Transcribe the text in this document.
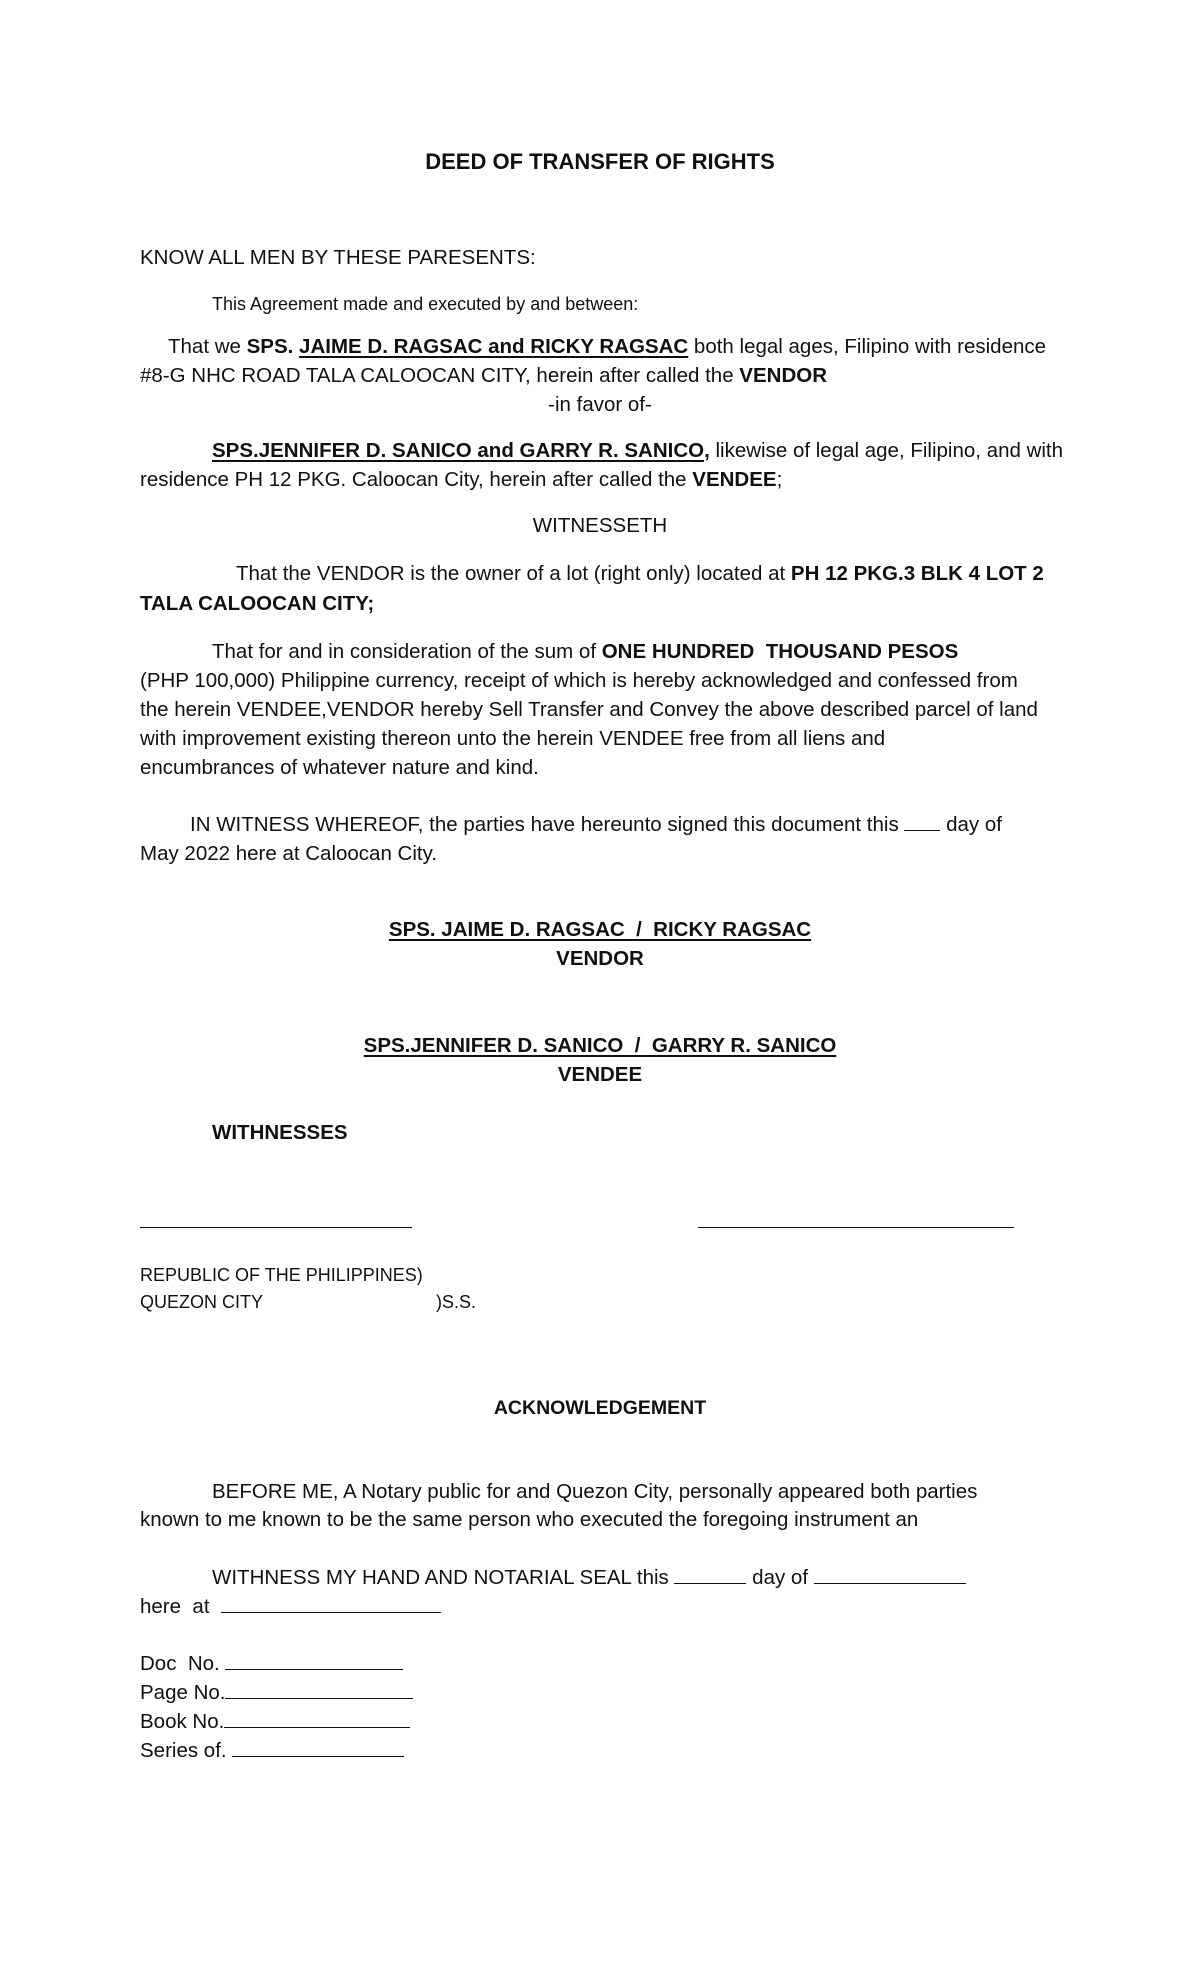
DEED OF TRANSFER OF RIGHTS
KNOW ALL MEN BY THESE PARESENTS:
This Agreement made and executed by and between:
That we SPS. JAIME D. RAGSAC and RICKY RAGSAC both legal ages, Filipino with residence
#8-G NHC ROAD TALA CALOOCAN CITY, herein after called the VENDOR
-in favor of-
SPS.JENNIFER D. SANICO and GARRY R. SANICO, likewise of legal age, Filipino, and with
residence PH 12 PKG. Caloocan City, herein after called the VENDEE;
WITNESSETH
That the VENDOR is the owner of a lot (right only) located at PH 12 PKG.3 BLK 4 LOT 2
TALA CALOOCAN CITY;
That for and in consideration of the sum of ONE HUNDRED  THOUSAND PESOS
(PHP 100,000) Philippine currency, receipt of which is hereby acknowledged and confessed from
the herein VENDEE,VENDOR hereby Sell Transfer and Convey the above described parcel of land
with improvement existing thereon unto the herein VENDEE free from all liens and
encumbrances of whatever nature and kind.
IN WITNESS WHEREOF, the parties have hereunto signed this document this  day of
May 2022 here at Caloocan City.
SPS. JAIME D. RAGSAC  /  RICKY RAGSAC
VENDOR
SPS.JENNIFER D. SANICO  /  GARRY R. SANICO
VENDEE
WITHNESSES
REPUBLIC OF THE PHILIPPINES)
QUEZON CITY	)S.S.
ACKNOWLEDGEMENT
BEFORE ME, A Notary public for and Quezon City, personally appeared both parties
known to me known to be the same person who executed the foregoing instrument an
WITHNESS MY HAND AND NOTARIAL SEAL this	day of
here  at
Doc  No.
Page No.
Book No.
Series of.
